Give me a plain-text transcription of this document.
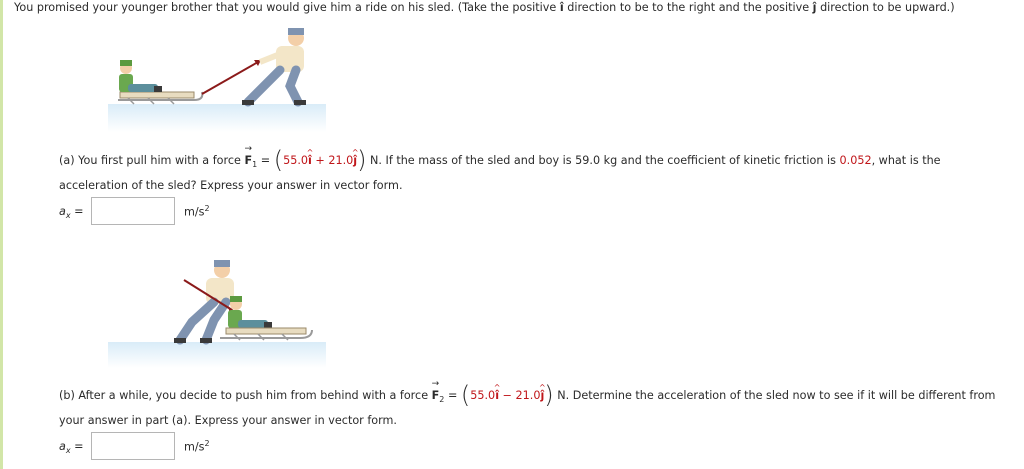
You promised your younger brother that you would give him a ride on his sled. (Take the positive î ^ direction to be to the right and the positive ĵ ^ direction to be upward.)
(a) You first pull him with a force → $F_1$ = (55.0î ^ + 21.0ĵ ^) N. If the mass of the sled and boy is 59.0 kg and the coefficient of kinetic friction is 0.052, what is the
acceleration of the sled? Express your answer in vector form.
$a_x$ =	$m/s^2$
(b) After a while, you decide to push him from behind with a force → $F_2$ = (55.0î ^ − 21.0ĵ ^) N. Determine the acceleration of the sled now to see if it will be different from
your answer in part (a). Express your answer in vector form.
$a_x$ =	$m/s^2$
